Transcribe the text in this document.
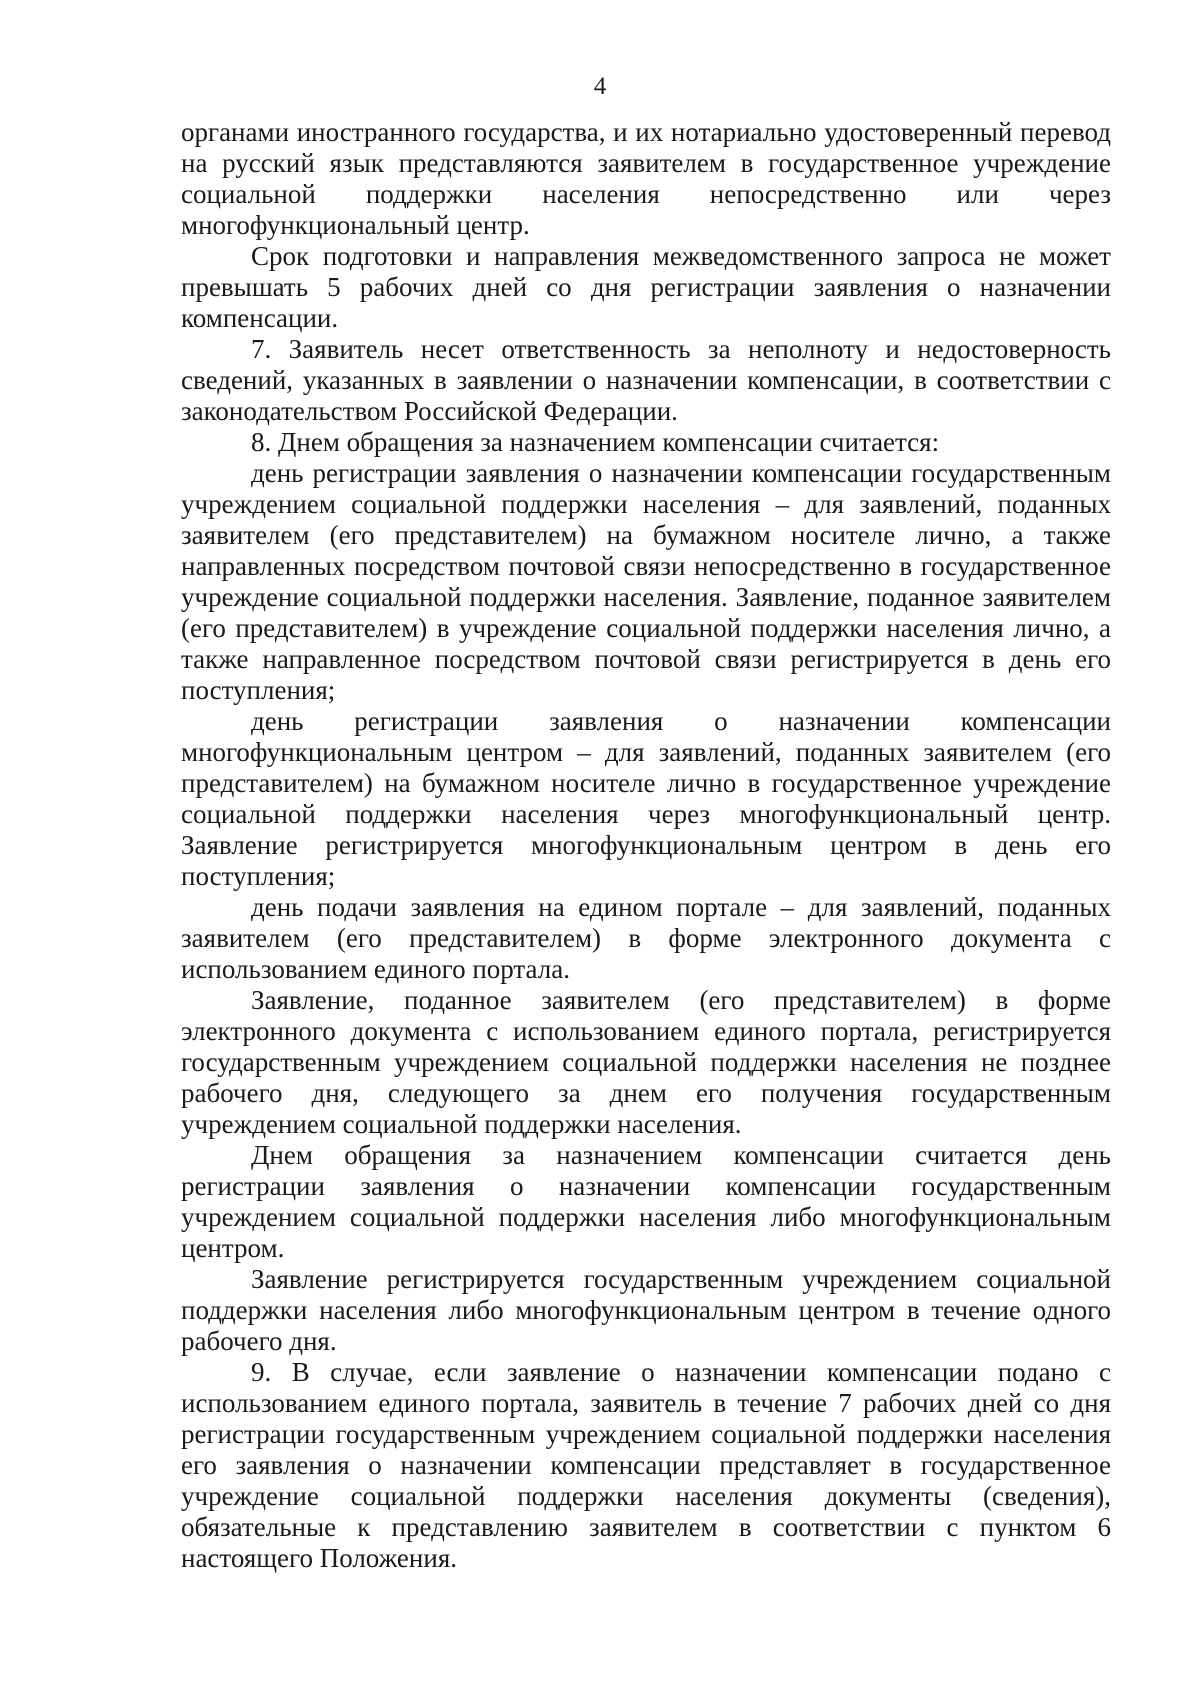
4

органами иностранного государства, и их нотариально удостоверенный перевод на русский язык представляются заявителем в государственное учреждение социальной поддержки населения непосредственно или через многофункциональный центр.

Срок подготовки и направления межведомственного запроса не может превышать 5 рабочих дней со дня регистрации заявления о назначении компенсации.

7. Заявитель несет ответственность за неполноту и недостоверность сведений, указанных в заявлении о назначении компенсации, в соответствии с законодательством Российской Федерации.

8. Днем обращения за назначением компенсации считается:

день регистрации заявления о назначении компенсации государственным учреждением социальной поддержки населения – для заявлений, поданных заявителем (его представителем) на бумажном носителе лично, а также направленных посредством почтовой связи непосредственно в государственное учреждение социальной поддержки населения. Заявление, поданное заявителем (его представителем) в учреждение социальной поддержки населения лично, а также направленное посредством почтовой связи регистрируется в день его поступления;

день регистрации заявления о назначении компенсации многофункциональным центром – для заявлений, поданных заявителем (его представителем) на бумажном носителе лично в государственное учреждение социальной поддержки населения через многофункциональный центр. Заявление регистрируется многофункциональным центром в день его поступления;

день подачи заявления на едином портале – для заявлений, поданных заявителем (его представителем) в форме электронного документа с использованием единого портала.

Заявление, поданное заявителем (его представителем) в форме электронного документа с использованием единого портала, регистрируется государственным учреждением социальной поддержки населения не позднее рабочего дня, следующего за днем его получения государственным учреждением социальной поддержки населения.

Днем обращения за назначением компенсации считается день регистрации заявления о назначении компенсации государственным учреждением социальной поддержки населения либо многофункциональным центром.

Заявление регистрируется государственным учреждением социальной поддержки населения либо многофункциональным центром в течение одного рабочего дня.

9. В случае, если заявление о назначении компенсации подано с использованием единого портала, заявитель в течение 7 рабочих дней со дня регистрации государственным учреждением социальной поддержки населения его заявления о назначении компенсации представляет в государственное учреждение социальной поддержки населения документы (сведения), обязательные к представлению заявителем в соответствии с пунктом 6 настоящего Положения.
